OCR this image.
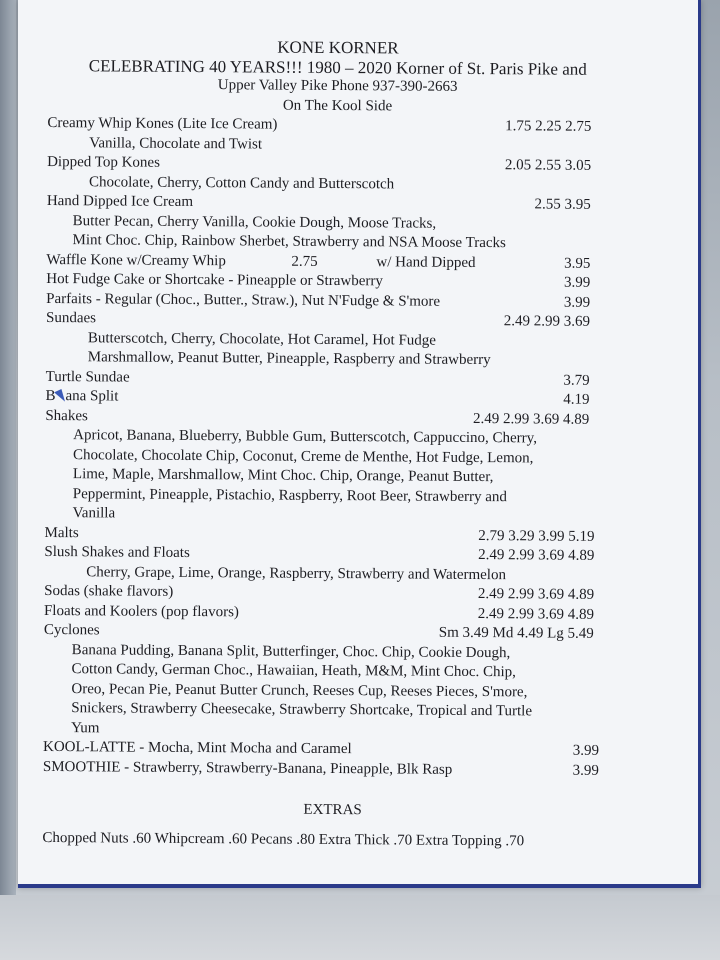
KONE KORNER
CELEBRATING 40 YEARS!!! 1980 – 2020 Korner of St. Paris Pike and
Upper Valley Pike Phone 937-390-2663
On The Kool Side
Creamy Whip Kones (Lite Ice Cream)	1.75 2.25 2.75
Vanilla, Chocolate and Twist
Dipped Top Kones	2.05 2.55 3.05
Chocolate, Cherry, Cotton Candy and Butterscotch
Hand Dipped Ice Cream	2.55 3.95
Butter Pecan, Cherry Vanilla, Cookie Dough, Moose Tracks,
Mint Choc. Chip, Rainbow Sherbet, Strawberry and NSA Moose Tracks
Waffle Kone w/Creamy Whip	2.75	w/ Hand Dipped	3.95
Hot Fudge Cake or Shortcake - Pineapple or Strawberry	3.99
Parfaits - Regular (Choc., Butter., Straw.), Nut N'Fudge & S'more	3.99
Sundaes	2.49 2.99 3.69
Butterscotch, Cherry, Chocolate, Hot Caramel, Hot Fudge
Marshmallow, Peanut Butter, Pineapple, Raspberry and Strawberry
Turtle Sundae	3.79
B ana Split	4.19
Shakes	2.49 2.99 3.69 4.89
Apricot, Banana, Blueberry, Bubble Gum, Butterscotch, Cappuccino, Cherry,
Chocolate, Chocolate Chip, Coconut, Creme de Menthe, Hot Fudge, Lemon,
Lime, Maple, Marshmallow, Mint Choc. Chip, Orange, Peanut Butter,
Peppermint, Pineapple, Pistachio, Raspberry, Root Beer, Strawberry and
Vanilla
Malts	2.79 3.29 3.99 5.19
Slush Shakes and Floats	2.49 2.99 3.69 4.89
Cherry, Grape, Lime, Orange, Raspberry, Strawberry and Watermelon
Sodas (shake flavors)	2.49 2.99 3.69 4.89
Floats and Koolers (pop flavors)	2.49 2.99 3.69 4.89
Cyclones	Sm 3.49 Md 4.49 Lg 5.49
Banana Pudding, Banana Split, Butterfinger, Choc. Chip, Cookie Dough,
Cotton Candy, German Choc., Hawaiian, Heath, M&M, Mint Choc. Chip,
Oreo, Pecan Pie, Peanut Butter Crunch, Reeses Cup, Reeses Pieces, S'more,
Snickers, Strawberry Cheesecake, Strawberry Shortcake, Tropical and Turtle
Yum
KOOL-LATTE - Mocha, Mint Mocha and Caramel	3.99
SMOOTHIE - Strawberry, Strawberry-Banana, Pineapple, Blk Rasp	3.99
EXTRAS
Chopped Nuts .60 Whipcream .60 Pecans .80 Extra Thick .70 Extra Topping .70
